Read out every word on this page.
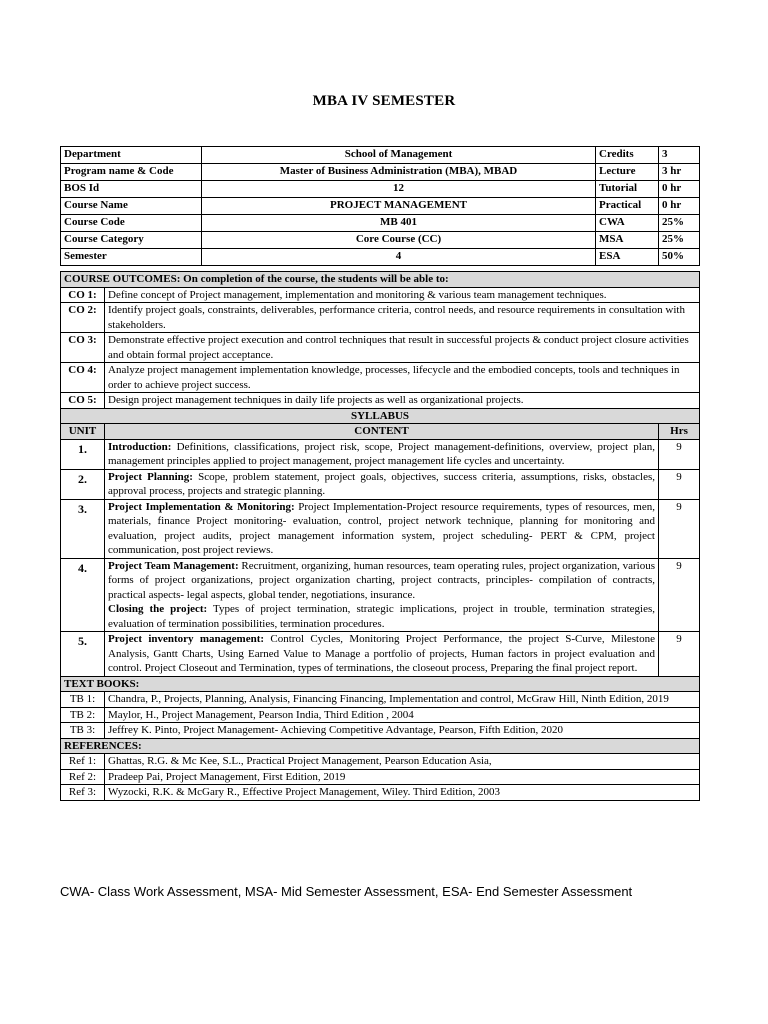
MBA IV SEMESTER
Department	School of Management	Credits	3
Program name & Code	Master of Business Administration (MBA), MBAD	Lecture	3 hr
BOS Id	12	Tutorial	0 hr
Course Name	PROJECT MANAGEMENT	Practical	0 hr
Course Code	MB 401	CWA	25%
Course Category	Core Course (CC)	MSA	25%
Semester	4	ESA	50%
COURSE OUTCOMES: On completion of the course, the students will be able to:		
CO 1:	Define concept of Project management, implementation and monitoring & various team management techniques.	
CO 2:	Identify project goals, constraints, deliverables, performance criteria, control needs, and resource requirements in consultation with stakeholders.	
CO 3:	Demonstrate effective project execution and control techniques that result in successful projects & conduct project closure activities and obtain formal project acceptance.	
CO 4:	Analyze project management implementation knowledge, processes, lifecycle and the embodied concepts, tools and techniques in order to achieve project success.	
CO 5:	Design project management techniques in daily life projects as well as organizational projects.	
SYLLABUS		
UNIT	CONTENT	Hrs
1.	Introduction: Definitions, classifications, project risk, scope, Project management-definitions, overview, project plan, management principles applied to project management, project management life cycles and uncertainty.	9
2.	Project Planning: Scope, problem statement, project goals, objectives, success criteria, assumptions, risks, obstacles, approval process, projects and strategic planning.	9
3.	Project Implementation & Monitoring: Project Implementation-Project resource requirements, types of resources, men, materials, finance Project monitoring- evaluation, control, project network technique, planning for monitoring and evaluation, project audits, project management information system, project scheduling- PERT & CPM, project communication, post project reviews.	9
4.	Project Team Management: Recruitment, organizing, human resources, team operating rules, project organization, various forms of project organizations, project organization charting, project contracts, principles- compilation of contracts, practical aspects- legal aspects, global tender, negotiations, insurance.
Closing the project: Types of project termination, strategic implications, project in trouble, termination strategies, evaluation of termination possibilities, termination procedures.	9
5.	Project inventory management: Control Cycles, Monitoring Project Performance, the project S-Curve, Milestone Analysis, Gantt Charts, Using Earned Value to Manage a portfolio of projects, Human factors in project evaluation and control. Project Closeout and Termination, types of terminations, the closeout process, Preparing the final project report.	9
TEXT BOOKS:		
TB 1:	Chandra, P., Projects, Planning, Analysis, Financing Financing, Implementation and control, McGraw Hill, Ninth Edition, 2019	
TB 2:	Maylor, H., Project Management, Pearson India, Third Edition , 2004	
TB 3:	Jeffrey K. Pinto, Project Management- Achieving Competitive Advantage, Pearson, Fifth Edition, 2020	
REFERENCES:		
Ref 1:	Ghattas, R.G. & Mc Kee, S.L., Practical Project Management, Pearson Education Asia,	
Ref 2:	Pradeep Pai, Project Management, First Edition, 2019	
Ref 3:	Wyzocki, R.K. & McGary R., Effective Project Management, Wiley. Third Edition, 2003	
CWA- Class Work Assessment, MSA- Mid Semester Assessment, ESA- End Semester Assessment
